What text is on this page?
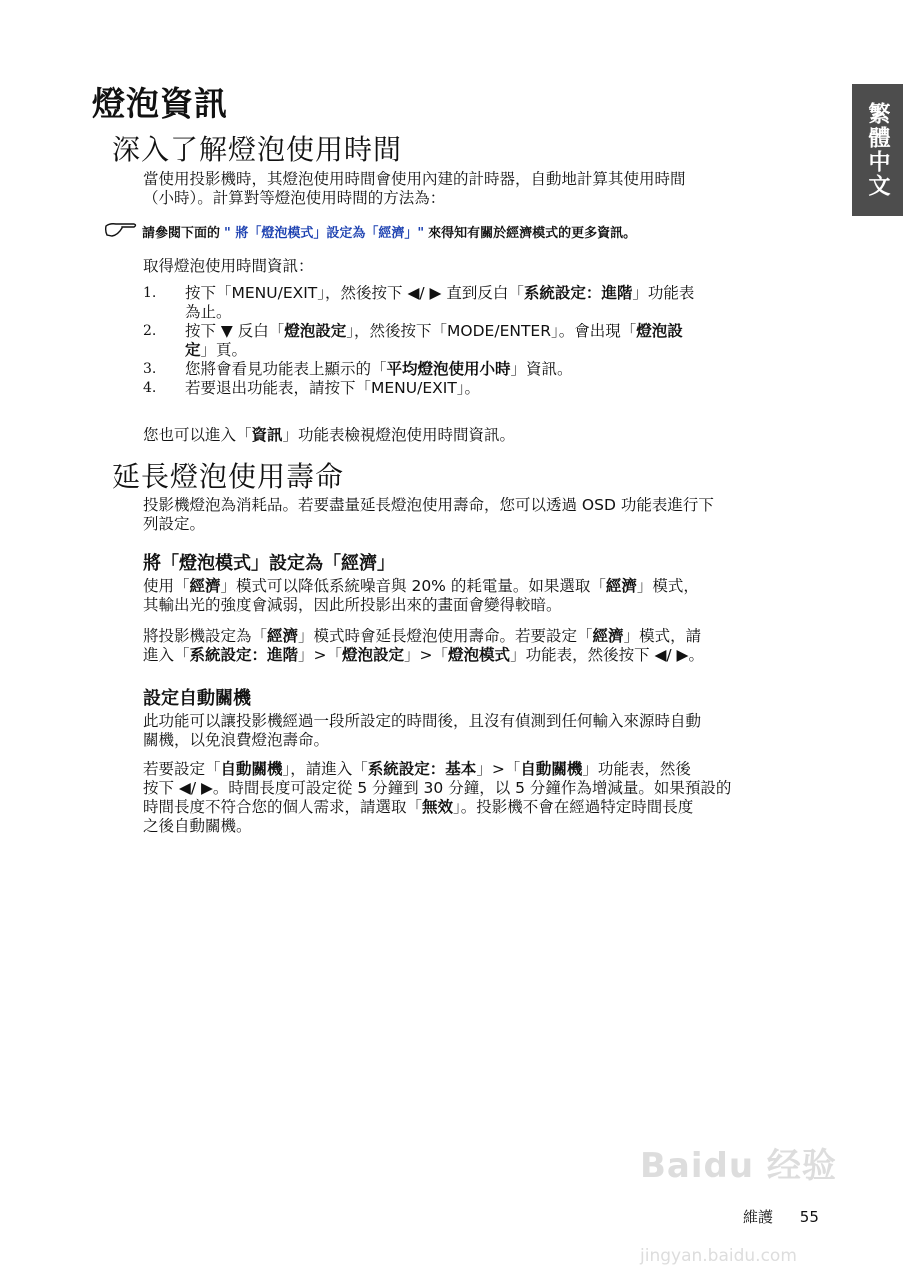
繁體中文
燈泡資訊
深入了解燈泡使用時間
當使用投影機時，其燈泡使用時間會使用內建的計時器，自動地計算其使用時間
（小時）。計算對等燈泡使用時間的方法為：
請參閱下面的 " 將「燈泡模式」設定為「經濟」" 來得知有關於經濟模式的更多資訊。
取得燈泡使用時間資訊：
1. 按下「MENU/EXIT」，然後按下 ◀/ ▶ 直到反白「系統設定：進階」功能表
為止。
2. 按下 ▼ 反白「燈泡設定」，然後按下「MODE/ENTER」。會出現「燈泡設
定」頁。
3. 您將會看見功能表上顯示的「平均燈泡使用小時」資訊。
4. 若要退出功能表，請按下「MENU/EXIT」。
您也可以進入「資訊」功能表檢視燈泡使用時間資訊。
延長燈泡使用壽命
投影機燈泡為消耗品。若要盡量延長燈泡使用壽命，您可以透過 OSD 功能表進行下
列設定。
將「燈泡模式」設定為「經濟」
使用「經濟」模式可以降低系統噪音與 20% 的耗電量。如果選取「經濟」模式，
其輸出光的強度會減弱，因此所投影出來的畫面會變得較暗。
將投影機設定為「經濟」模式時會延長燈泡使用壽命。若要設定「經濟」模式，請
進入「系統設定：進階」>「燈泡設定」>「燈泡模式」功能表，然後按下 ◀/ ▶。
設定自動關機
此功能可以讓投影機經過一段所設定的時間後，且沒有偵測到任何輸入來源時自動
關機，以免浪費燈泡壽命。
若要設定「自動關機」，請進入「系統設定：基本」>「自動關機」功能表，然後
按下 ◀/ ▶。時間長度可設定從 5 分鐘到 30 分鐘，以 5 分鐘作為增減量。如果預設的
時間長度不符合您的個人需求，請選取「無效」。投影機不會在經過特定時間長度
之後自動關機。
Baidu 经验
jingyan.baidu.com
維護 55
